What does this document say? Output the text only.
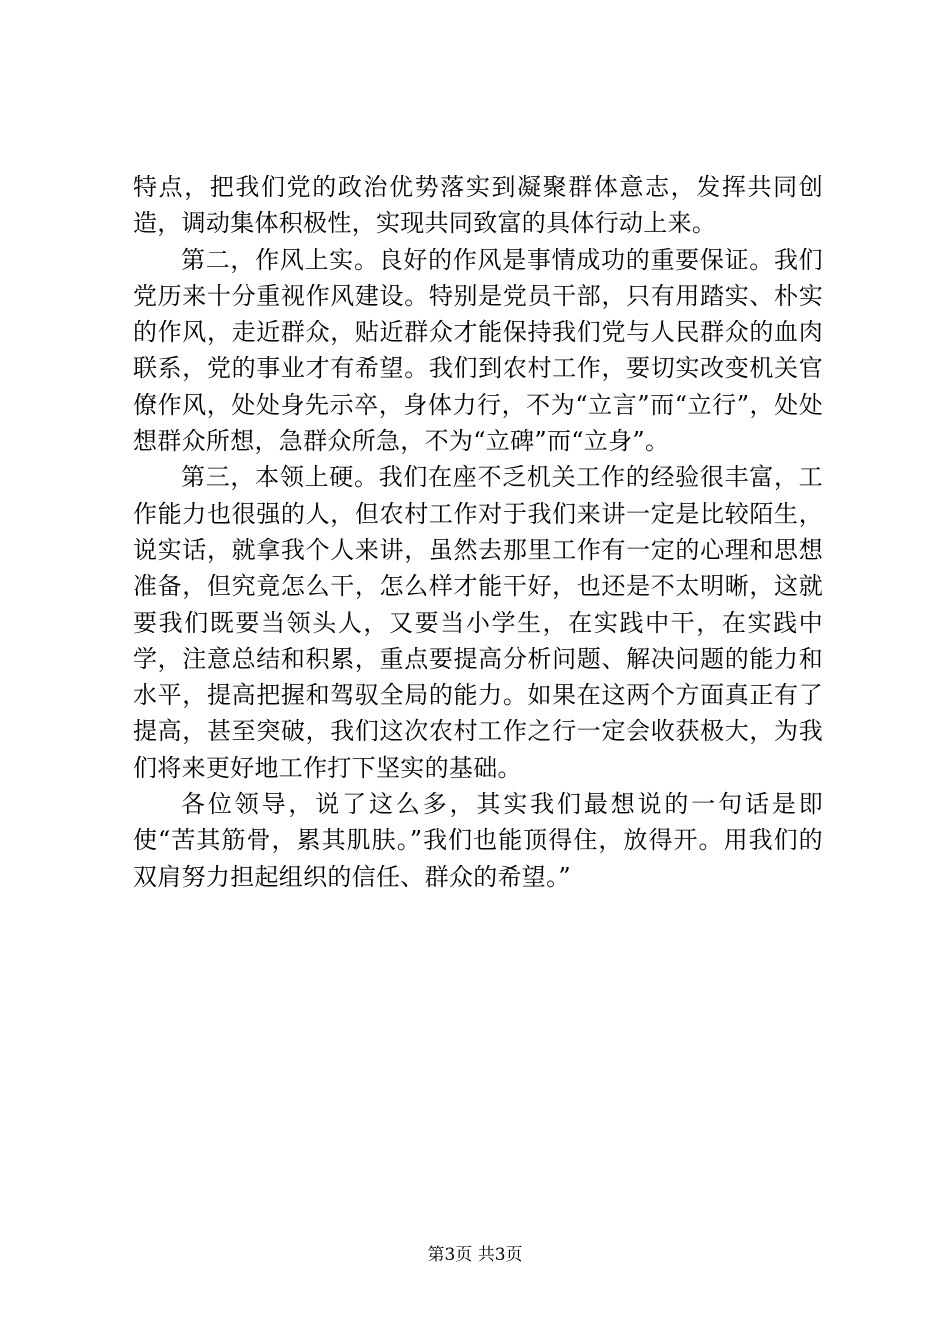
特点，把我们党的政治优势落实到凝聚群体意志，发挥共同创造，调动集体积极性，实现共同致富的具体行动上来。

第二，作风上实。良好的作风是事情成功的重要保证。我们党历来十分重视作风建设。特别是党员干部，只有用踏实、朴实的作风，走近群众，贴近群众才能保持我们党与人民群众的血肉联系，党的事业才有希望。我们到农村工作，要切实改变机关官僚作风，处处身先示卒，身体力行，不为“立言”而“立行”，处处想群众所想，急群众所急，不为“立碑”而“立身”。

第三，本领上硬。我们在座不乏机关工作的经验很丰富，工作能力也很强的人，但农村工作对于我们来讲一定是比较陌生，说实话，就拿我个人来讲，虽然去那里工作有一定的心理和思想准备，但究竟怎么干，怎么样才能干好，也还是不太明晰，这就要我们既要当领头人，又要当小学生，在实践中干，在实践中学，注意总结和积累，重点要提高分析问题、解决问题的能力和水平，提高把握和驾驭全局的能力。如果在这两个方面真正有了提高，甚至突破，我们这次农村工作之行一定会收获极大，为我们将来更好地工作打下坚实的基础。

各位领导，说了这么多，其实我们最想说的一句话是即使“苦其筋骨，累其肌肤。”我们也能顶得住，放得开。用我们的双肩努力担起组织的信任、群众的希望。”

第3页 共3页
